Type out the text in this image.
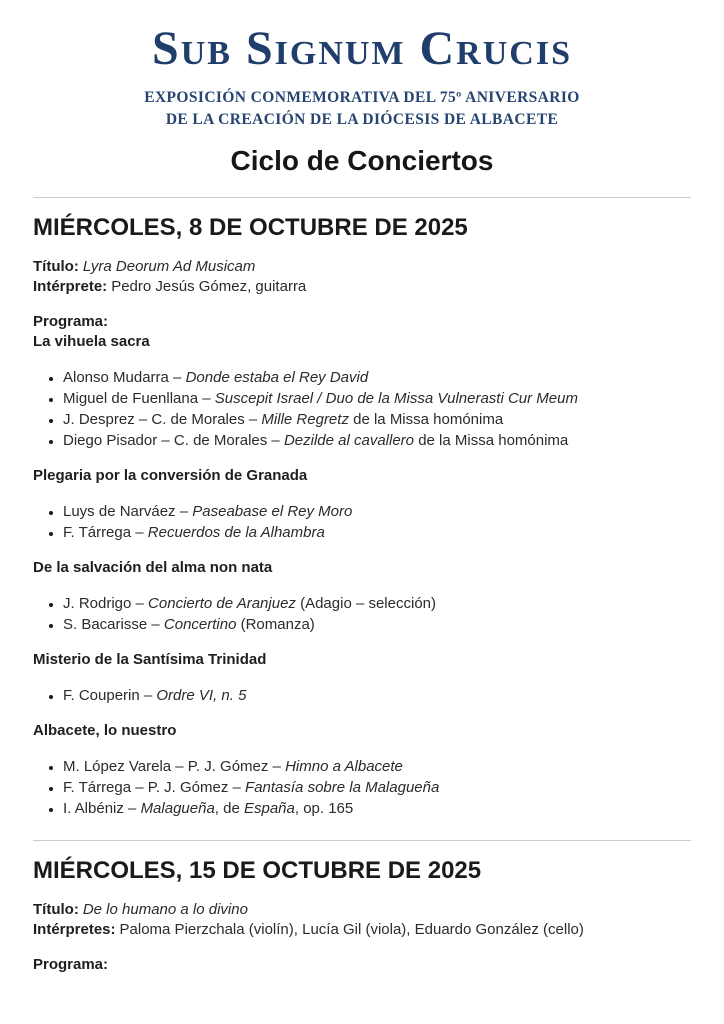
Sub Signum Crucis
EXPOSICIÓN CONMEMORATIVA DEL 75º ANIVERSARIO
DE LA CREACIÓN DE LA DIÓCESIS DE ALBACETE
Ciclo de Conciertos
MIÉRCOLES, 8 DE OCTUBRE DE 2025
Título: Lyra Deorum Ad Musicam
Intérprete: Pedro Jesús Gómez, guitarra
Programa:
La vihuela sacra
• Alonso Mudarra – Donde estaba el Rey David
• Miguel de Fuenllana – Suscepit Israel / Duo de la Missa Vulnerasti Cur Meum
• J. Desprez – C. de Morales – Mille Regretz de la Missa homónima
• Diego Pisador – C. de Morales – Dezilde al cavallero de la Missa homónima
Plegaria por la conversión de Granada
• Luys de Narváez – Paseabase el Rey Moro
• F. Tárrega – Recuerdos de la Alhambra
De la salvación del alma non nata
• J. Rodrigo – Concierto de Aranjuez (Adagio – selección)
• S. Bacarisse – Concertino (Romanza)
Misterio de la Santísima Trinidad
• F. Couperin – Ordre VI, n. 5
Albacete, lo nuestro
• M. López Varela – P. J. Gómez – Himno a Albacete
• F. Tárrega – P. J. Gómez – Fantasía sobre la Malagueña
• I. Albéniz – Malagueña, de España, op. 165
MIÉRCOLES, 15 DE OCTUBRE DE 2025
Título: De lo humano a lo divino
Intérpretes: Paloma Pierzchala (violín), Lucía Gil (viola), Eduardo González (cello)
Programa:
